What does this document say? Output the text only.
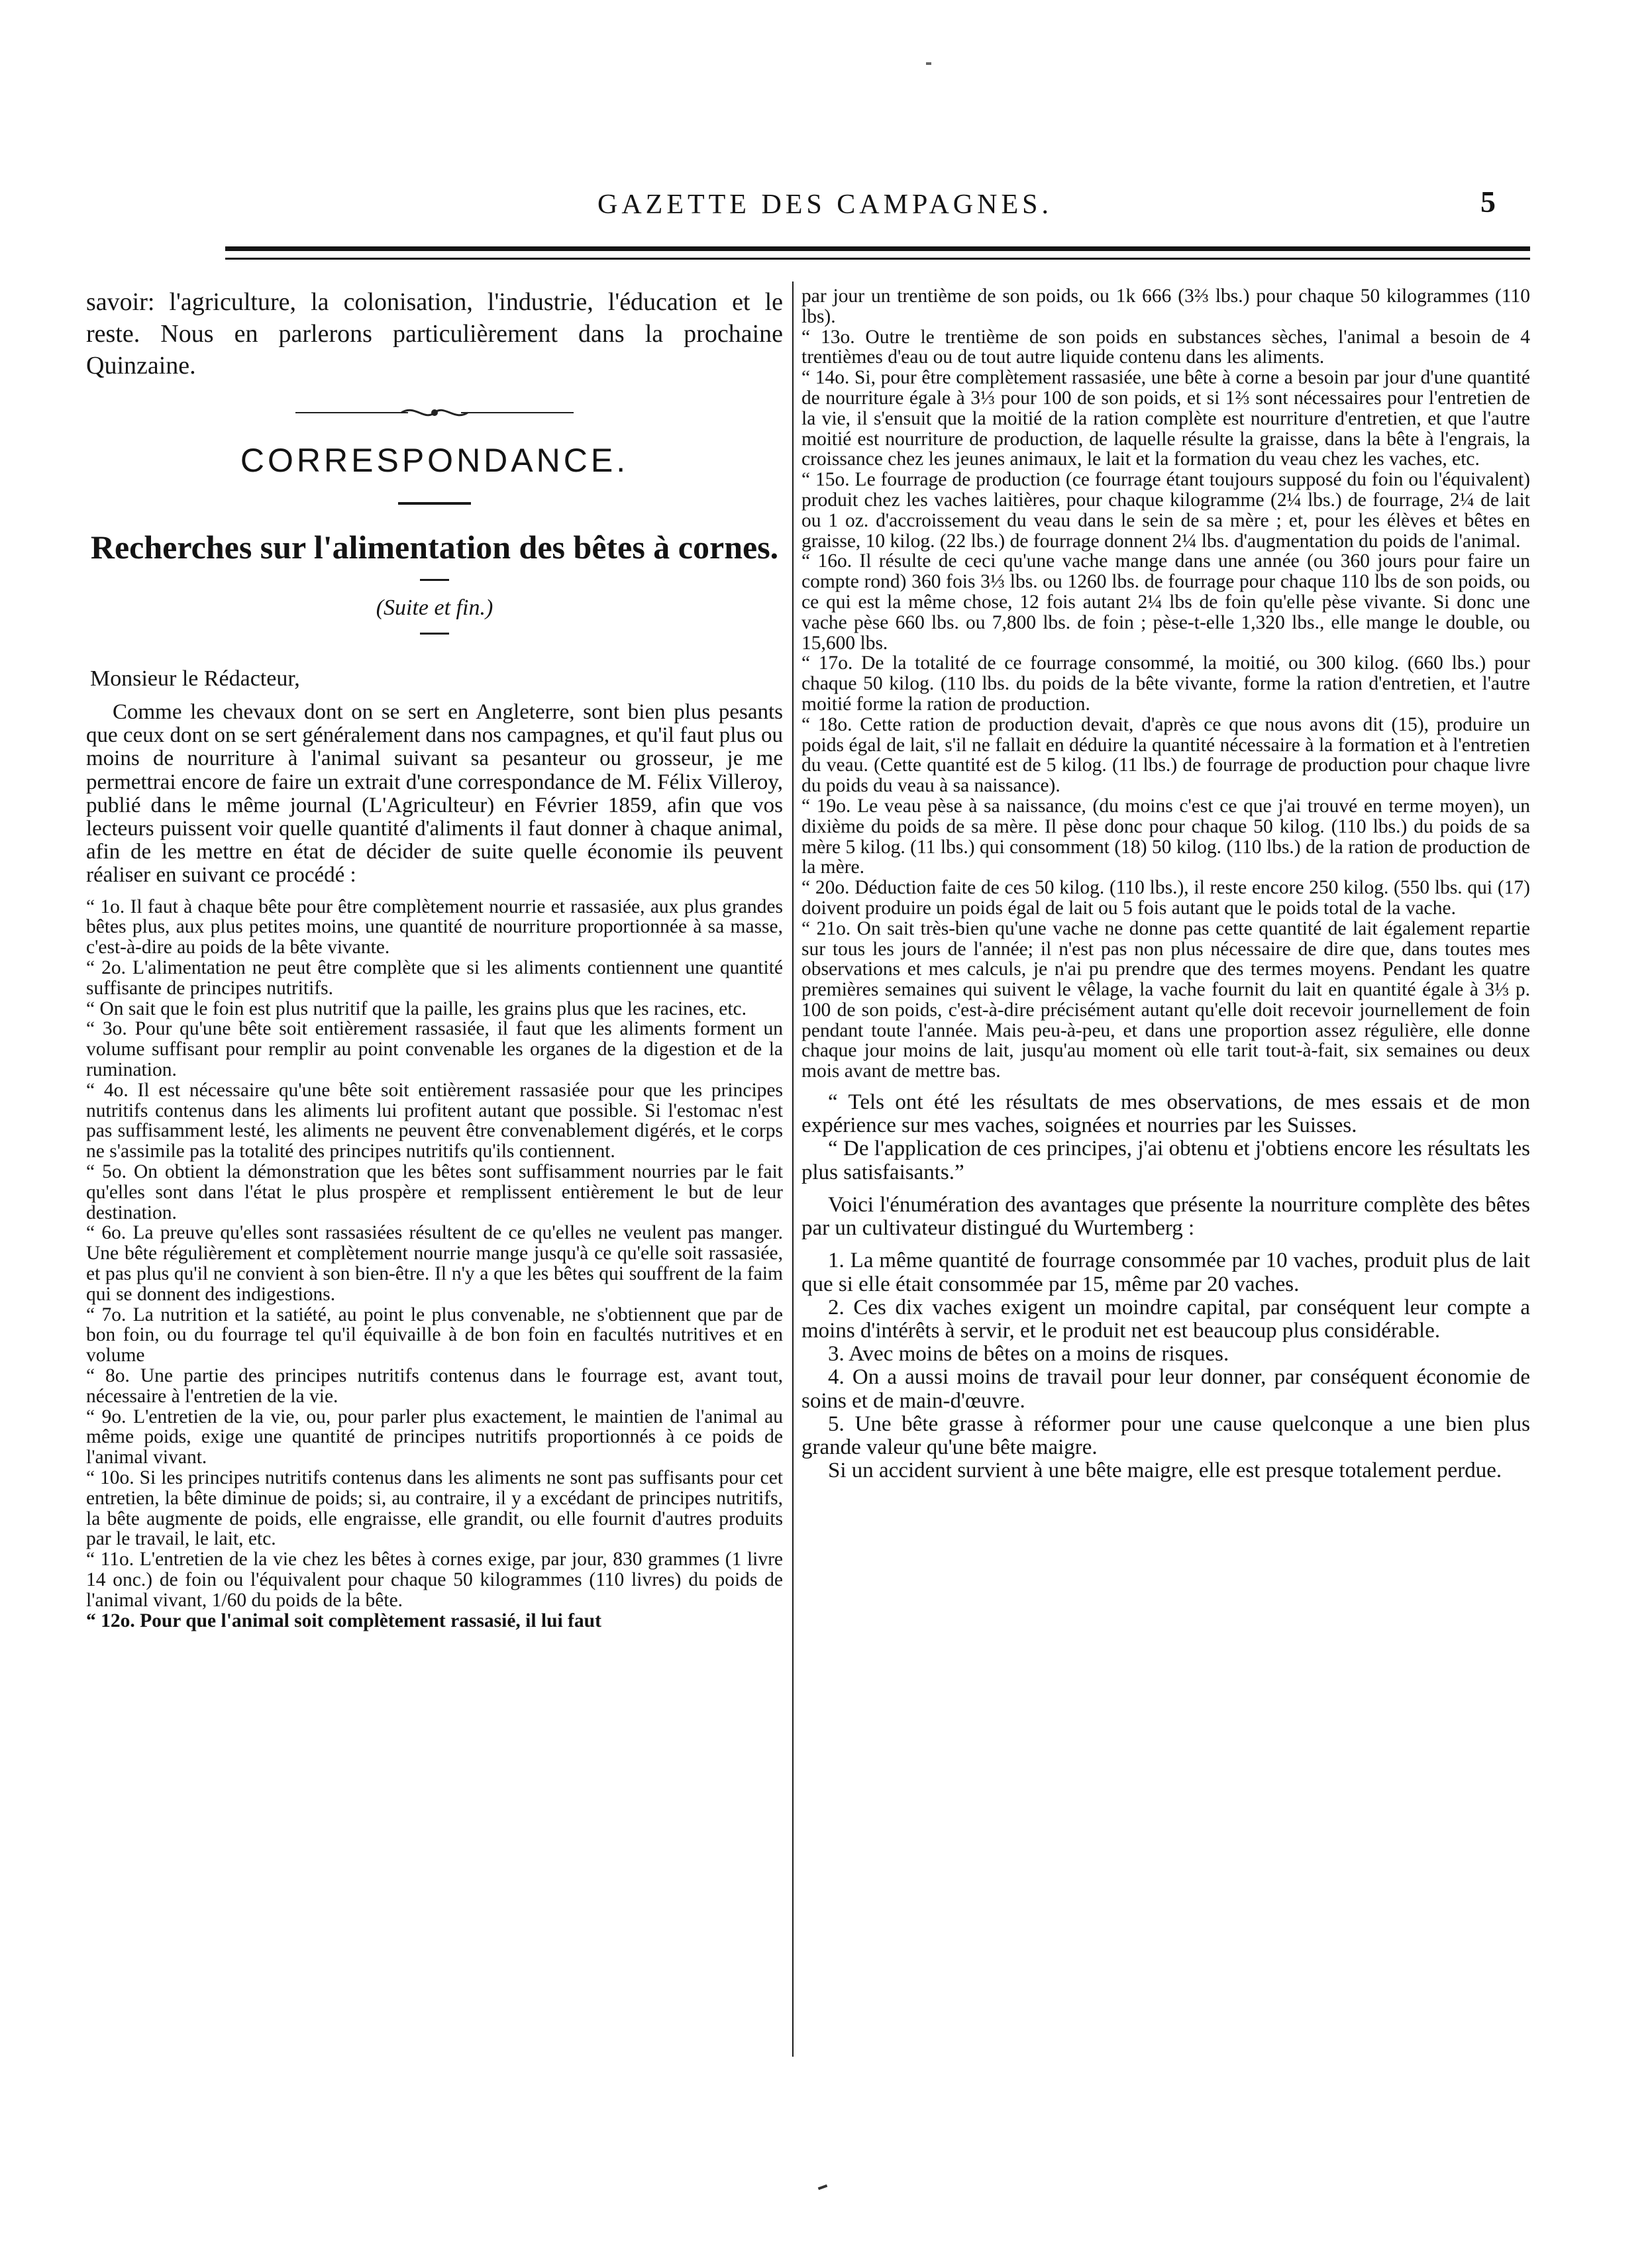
GAZETTE DES CAMPAGNES.	5

savoir: l'agriculture, la colonisation, l'industrie, l'éducation et le reste. Nous en parlerons particulièrement dans la prochaine Quinzaine.

CORRESPONDANCE.
Recherches sur l'alimentation des bêtes à cornes.
(Suite et fin.)
Monsieur le Rédacteur,

Comme les chevaux dont on se sert en Angleterre, sont bien plus pesants que ceux dont on se sert généralement dans nos campagnes, et qu'il faut plus ou moins de nourriture à l'animal suivant sa pesanteur ou grosseur, je me permettrai encore de faire un extrait d'une correspondance de M. Félix Villeroy, publié dans le même journal (L'Agriculteur) en Février 1859, afin que vos lecteurs puissent voir quelle quantité d'aliments il faut donner à chaque animal, afin de les mettre en état de décider de suite quelle économie ils peuvent réaliser en suivant ce procédé :

“ 1o. Il faut à chaque bête pour être complètement nourrie et rassasiée, aux plus grandes bêtes plus, aux plus petites moins, une quantité de nourriture proportionnée à sa masse, c'est-à-dire au poids de la bête vivante.

“ 2o. L'alimentation ne peut être complète que si les aliments contiennent une quantité suffisante de principes nutritifs.

“ On sait que le foin est plus nutritif que la paille, les grains plus que les racines, etc.

“ 3o. Pour qu'une bête soit entièrement rassasiée, il faut que les aliments forment un volume suffisant pour remplir au point convenable les organes de la digestion et de la rumination.

“ 4o. Il est nécessaire qu'une bête soit entièrement rassasiée pour que les principes nutritifs contenus dans les aliments lui profitent autant que possible. Si l'estomac n'est pas suffisamment lesté, les aliments ne peuvent être convenablement digérés, et le corps ne s'assimile pas la totalité des principes nutritifs qu'ils contiennent.

“ 5o. On obtient la démonstration que les bêtes sont suffisamment nourries par le fait qu'elles sont dans l'état le plus prospère et remplissent entièrement le but de leur destination.

“ 6o. La preuve qu'elles sont rassasiées résultent de ce qu'elles ne veulent pas manger. Une bête régulièrement et complètement nourrie mange jusqu'à ce qu'elle soit rassasiée, et pas plus qu'il ne convient à son bien-être. Il n'y a que les bêtes qui souffrent de la faim qui se donnent des indigestions.

“ 7o. La nutrition et la satiété, au point le plus convenable, ne s'obtiennent que par de bon foin, ou du fourrage tel qu'il équivaille à de bon foin en facultés nutritives et en volume

“ 8o. Une partie des principes nutritifs contenus dans le fourrage est, avant tout, nécessaire à l'entretien de la vie.

“ 9o. L'entretien de la vie, ou, pour parler plus exactement, le maintien de l'animal au même poids, exige une quantité de principes nutritifs proportionnés à ce poids de l'animal vivant.

“ 10o. Si les principes nutritifs contenus dans les aliments ne sont pas suffisants pour cet entretien, la bête diminue de poids; si, au contraire, il y a excédant de principes nutritifs, la bête augmente de poids, elle engraisse, elle grandit, ou elle fournit d'autres produits par le travail, le lait, etc.

“ 11o. L'entretien de la vie chez les bêtes à cornes exige, par jour, 830 grammes (1 livre 14 onc.) de foin ou l'équivalent pour chaque 50 kilogrammes (110 livres) du poids de l'animal vivant, 1/60 du poids de la bête.

“ 12o. Pour que l'animal soit complètement rassasié, il lui faut

par jour un trentième de son poids, ou 1k 666 (3⅔ lbs.) pour chaque 50 kilogrammes (110 lbs).

“ 13o. Outre le trentième de son poids en substances sèches, l'animal a besoin de 4 trentièmes d'eau ou de tout autre liquide contenu dans les aliments.

“ 14o. Si, pour être complètement rassasiée, une bête à corne a besoin par jour d'une quantité de nourriture égale à 3⅓ pour 100 de son poids, et si 1⅔ sont nécessaires pour l'entretien de la vie, il s'ensuit que la moitié de la ration complète est nourriture d'entretien, et que l'autre moitié est nourriture de production, de laquelle résulte la graisse, dans la bête à l'engrais, la croissance chez les jeunes animaux, le lait et la formation du veau chez les vaches, etc.

“ 15o. Le fourrage de production (ce fourrage étant toujours supposé du foin ou l'équivalent) produit chez les vaches laitières, pour chaque kilogramme (2¼ lbs.) de fourrage, 2¼ de lait ou 1 oz. d'accroissement du veau dans le sein de sa mère ; et, pour les élèves et bêtes en graisse, 10 kilog. (22 lbs.) de fourrage donnent 2¼ lbs. d'augmentation du poids de l'animal.

“ 16o. Il résulte de ceci qu'une vache mange dans une année (ou 360 jours pour faire un compte rond) 360 fois 3⅓ lbs. ou 1260 lbs. de fourrage pour chaque 110 lbs de son poids, ou ce qui est la même chose, 12 fois autant 2¼ lbs de foin qu'elle pèse vivante. Si donc une vache pèse 660 lbs. ou 7,800 lbs. de foin ; pèse-t-elle 1,320 lbs., elle mange le double, ou 15,600 lbs.

“ 17o. De la totalité de ce fourrage consommé, la moitié, ou 300 kilog. (660 lbs.) pour chaque 50 kilog. (110 lbs. du poids de la bête vivante, forme la ration d'entretien, et l'autre moitié forme la ration de production.

“ 18o. Cette ration de production devait, d'après ce que nous avons dit (15), produire un poids égal de lait, s'il ne fallait en déduire la quantité nécessaire à la formation et à l'entretien du veau. (Cette quantité est de 5 kilog. (11 lbs.) de fourrage de production pour chaque livre du poids du veau à sa naissance).

“ 19o. Le veau pèse à sa naissance, (du moins c'est ce que j'ai trouvé en terme moyen), un dixième du poids de sa mère. Il pèse donc pour chaque 50 kilog. (110 lbs.) du poids de sa mère 5 kilog. (11 lbs.) qui consomment (18) 50 kilog. (110 lbs.) de la ration de production de la mère.

“ 20o. Déduction faite de ces 50 kilog. (110 lbs.), il reste encore 250 kilog. (550 lbs. qui (17) doivent produire un poids égal de lait ou 5 fois autant que le poids total de la vache.

“ 21o. On sait très-bien qu'une vache ne donne pas cette quantité de lait également repartie sur tous les jours de l'année; il n'est pas non plus nécessaire de dire que, dans toutes mes observations et mes calculs, je n'ai pu prendre que des termes moyens. Pendant les quatre premières semaines qui suivent le vêlage, la vache fournit du lait en quantité égale à 3⅓ p. 100 de son poids, c'est-à-dire précisément autant qu'elle doit recevoir journellement de foin pendant toute l'année. Mais peu-à-peu, et dans une proportion assez régulière, elle donne chaque jour moins de lait, jusqu'au moment où elle tarit tout-à-fait, six semaines ou deux mois avant de mettre bas.

“ Tels ont été les résultats de mes observations, de mes essais et de mon expérience sur mes vaches, soignées et nourries par les Suisses.

“ De l'application de ces principes, j'ai obtenu et j'obtiens encore les résultats les plus satisfaisants.”

Voici l'énumération des avantages que présente la nourriture complète des bêtes par un cultivateur distingué du Wurtemberg :

1. La même quantité de fourrage consommée par 10 vaches, produit plus de lait que si elle était consommée par 15, même par 20 vaches.

2. Ces dix vaches exigent un moindre capital, par conséquent leur compte a moins d'intérêts à servir, et le produit net est beaucoup plus considérable.

3. Avec moins de bêtes on a moins de risques.

4. On a aussi moins de travail pour leur donner, par conséquent économie de soins et de main-d'œuvre.

5. Une bête grasse à réformer pour une cause quelconque a une bien plus grande valeur qu'une bête maigre.

Si un accident survient à une bête maigre, elle est presque totalement perdue.
